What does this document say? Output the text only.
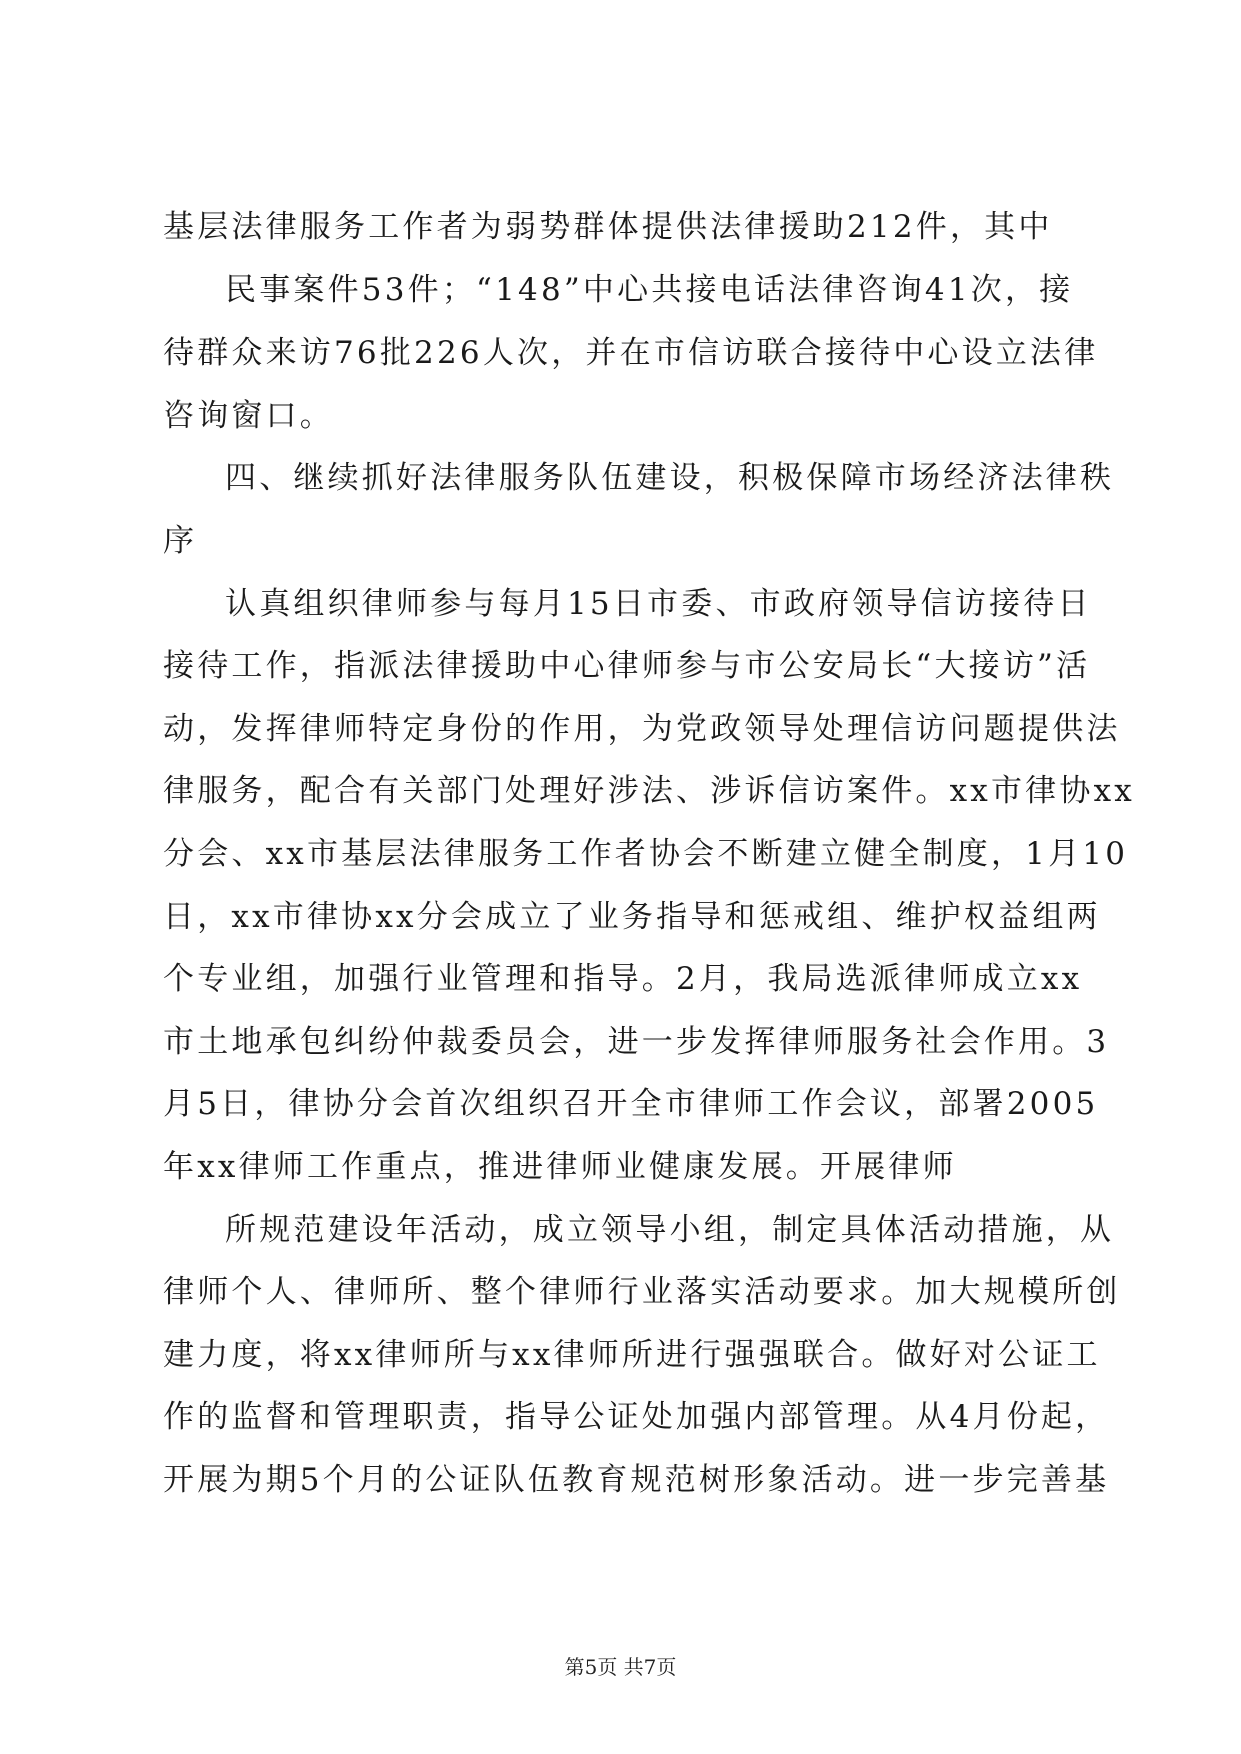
基层法律服务工作者为弱势群体提供法律援助212件，其中
民事案件53件；“148”中心共接电话法律咨询41次，接
待群众来访76批226人次，并在市信访联合接待中心设立法律
咨询窗口。
四、继续抓好法律服务队伍建设，积极保障市场经济法律秩
序
认真组织律师参与每月15日市委、市政府领导信访接待日
接待工作，指派法律援助中心律师参与市公安局长“大接访”活
动，发挥律师特定身份的作用，为党政领导处理信访问题提供法
律服务，配合有关部门处理好涉法、涉诉信访案件。xx市律协xx
分会、xx市基层法律服务工作者协会不断建立健全制度，1月10
日，xx市律协xx分会成立了业务指导和惩戒组、维护权益组两
个专业组，加强行业管理和指导。2月，我局选派律师成立xx
市土地承包纠纷仲裁委员会，进一步发挥律师服务社会作用。3
月5日，律协分会首次组织召开全市律师工作会议，部署2005
年xx律师工作重点，推进律师业健康发展。开展律师
所规范建设年活动，成立领导小组，制定具体活动措施，从
律师个人、律师所、整个律师行业落实活动要求。加大规模所创
建力度，将xx律师所与xx律师所进行强强联合。做好对公证工
作的监督和管理职责，指导公证处加强内部管理。从4月份起，
开展为期5个月的公证队伍教育规范树形象活动。进一步完善基
第5页 共7页
